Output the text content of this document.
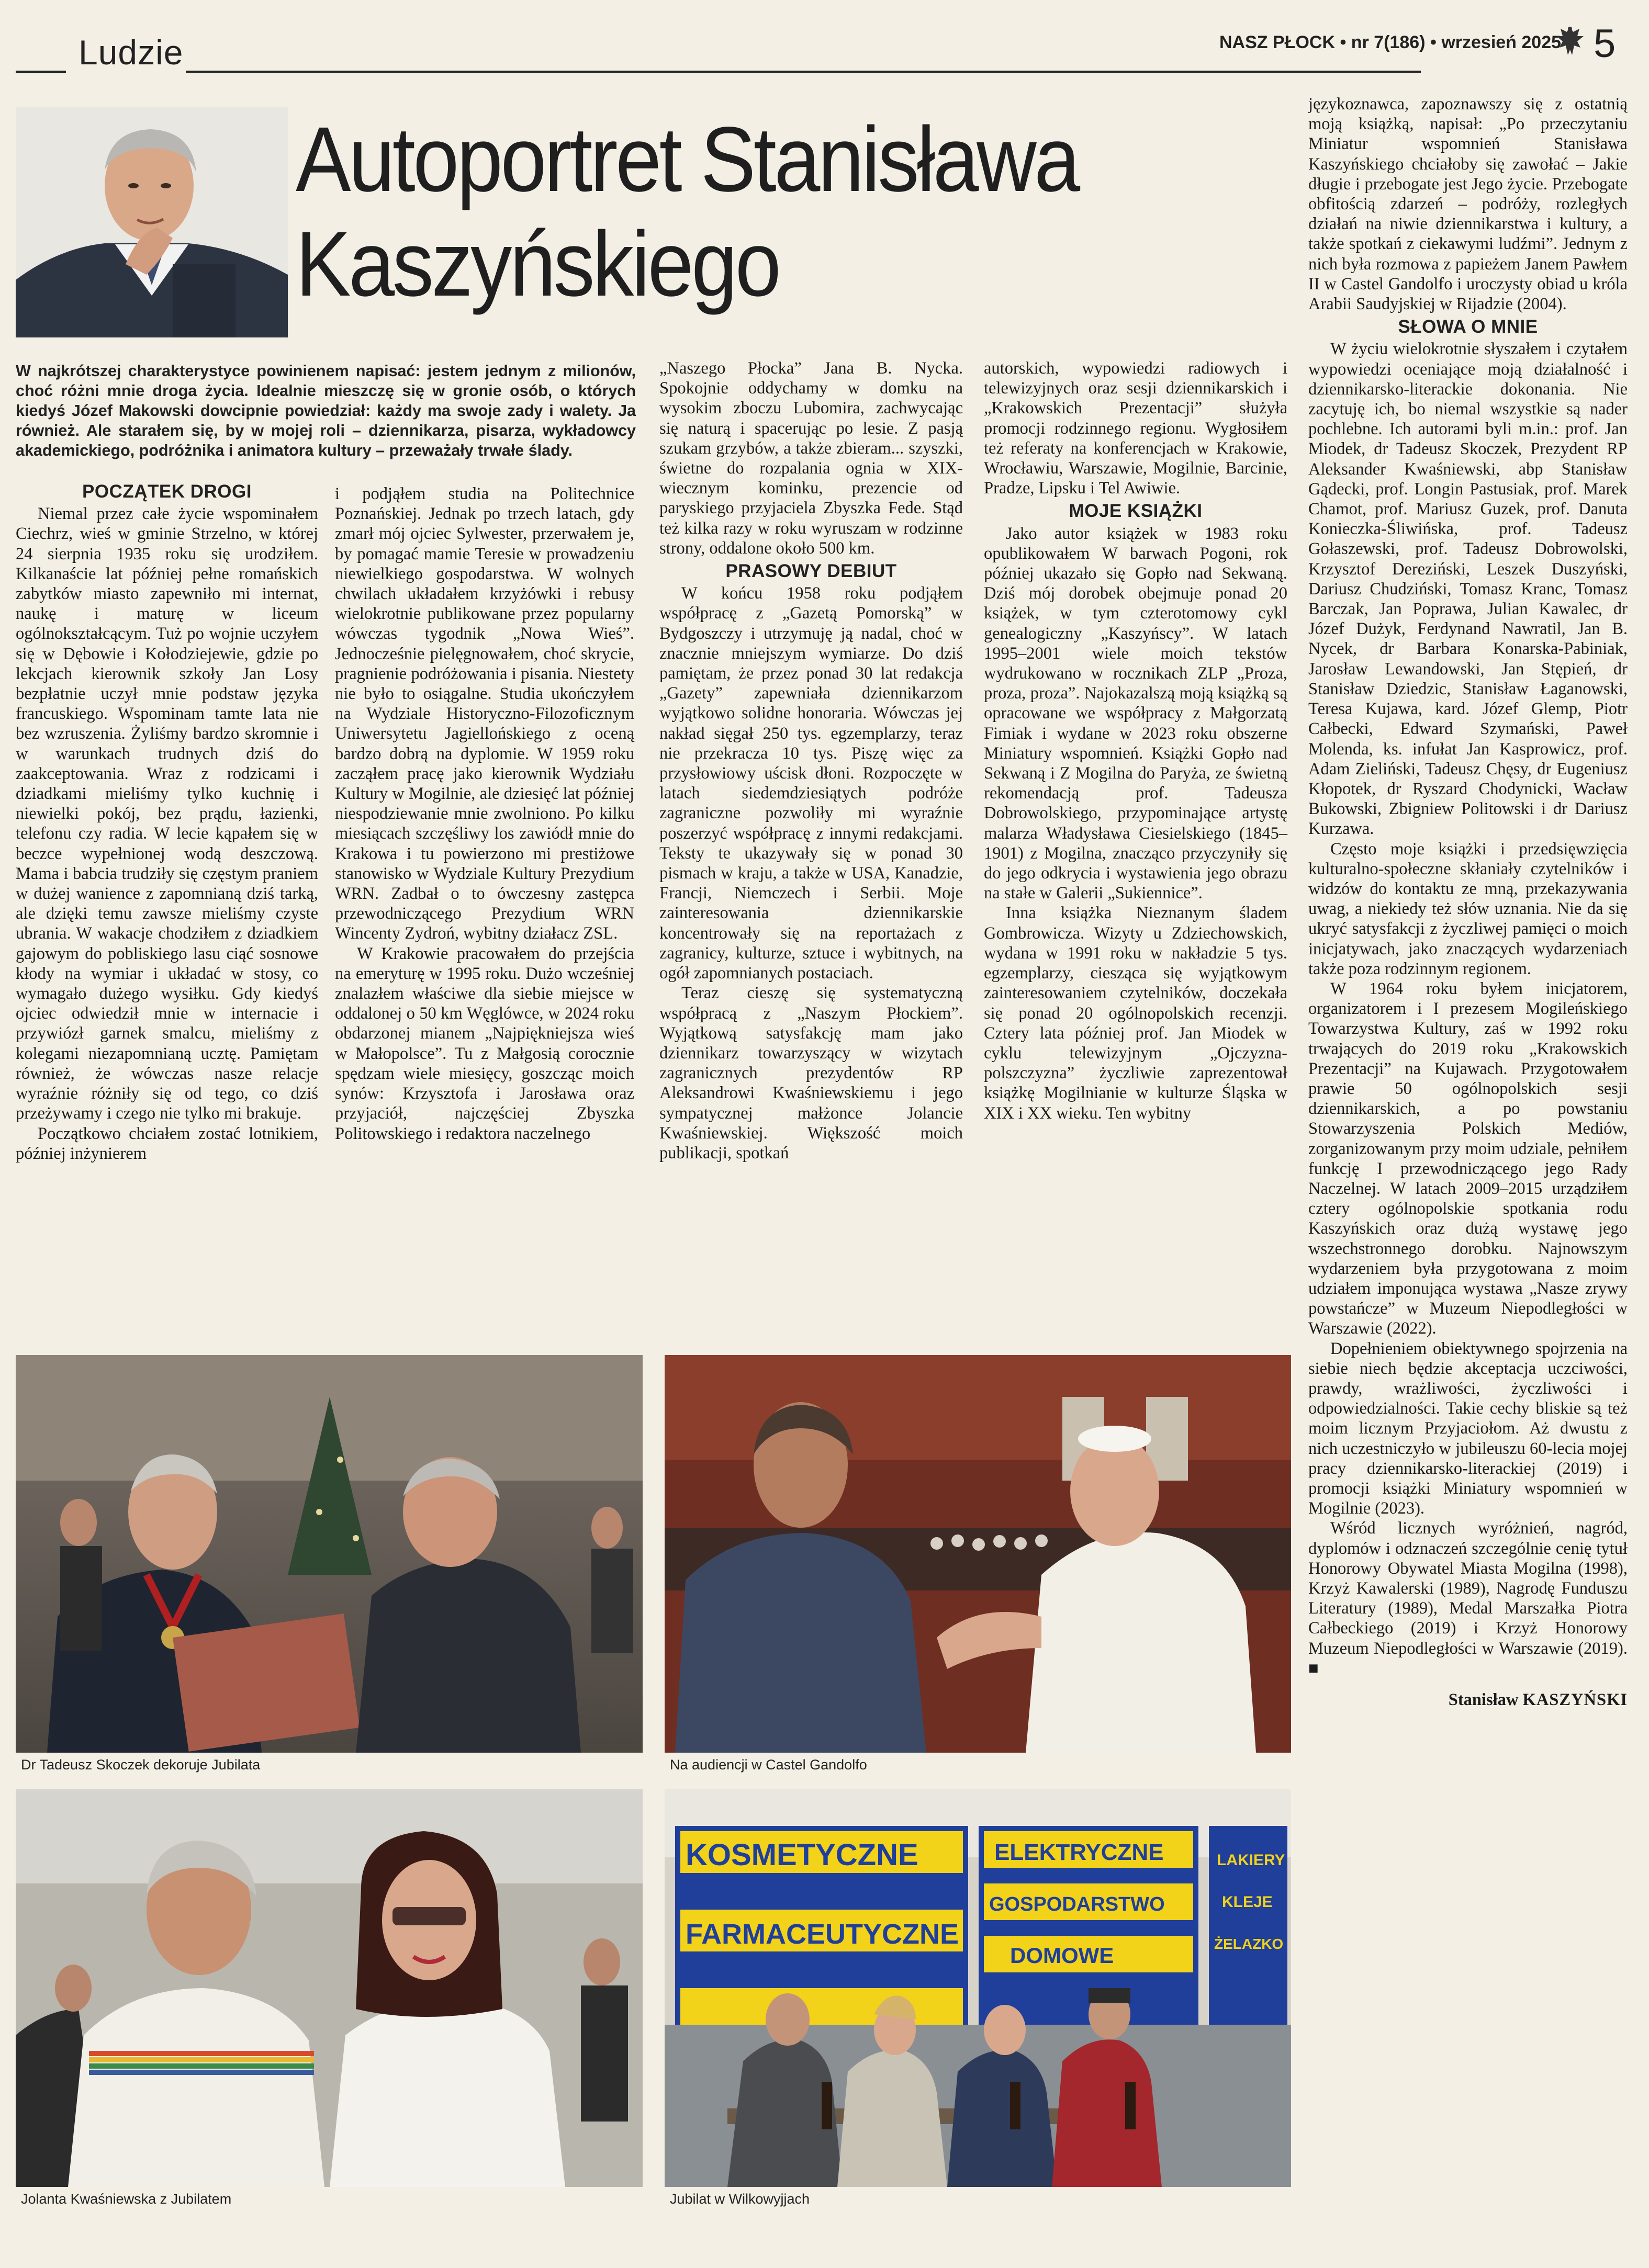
Ludzie	NASZ PŁOCK • nr 7(186) • wrzesień 2025 5
Autoportret Stanisława
Kaszyńskiego
W najkrótszej charakterystyce powinienem napisać: jestem jednym z milionów, choć różni mnie droga życia. Idealnie mieszczę się w gronie osób, o których kiedyś Józef Makowski dowcipnie powiedział: każdy ma swoje zady i walety. Ja również. Ale starałem się, by w mojej roli – dziennikarza, pisarza, wykładowcy akademickiego, podróżnika i animatora kultury – przeważały trwałe ślady.
POCZĄTEK DROGI

Niemal przez całe życie wspominałem Ciechrz, wieś w gminie Strzelno, w której 24 sierpnia 1935 roku się urodziłem. Kilkanaście lat później pełne romańskich zabytków miasto zapewniło mi internat, naukę i maturę w liceum ogólnokształcącym. Tuż po wojnie uczyłem się w Dębowie i Kołodziejewie, gdzie po lekcjach kierownik szkoły Jan Losy bezpłatnie uczył mnie podstaw języka francuskiego. Wspominam tamte lata nie bez wzruszenia. Żyliśmy bardzo skromnie i w warunkach trudnych dziś do zaakceptowania. Wraz z rodzicami i dziadkami mieliśmy tylko kuchnię i niewielki pokój, bez prądu, łazienki, telefonu czy radia. W lecie kąpałem się w beczce wypełnionej wodą deszczową. Mama i babcia trudziły się częstym praniem w dużej wanience z zapomnianą dziś tarką, ale dzięki temu zawsze mieliśmy czyste ubrania. W wakacje chodziłem z dziadkiem gajowym do pobliskiego lasu ciąć sosnowe kłody na wymiar i układać w stosy, co wymagało dużego wysiłku. Gdy kiedyś ojciec odwiedził mnie w internacie i przywiózł garnek smalcu, mieliśmy z kolegami niezapomnianą ucztę. Pamiętam również, że wówczas nasze relacje wyraźnie różniły się od tego, co dziś przeżywamy i czego nie tylko mi brakuje.

Początkowo chciałem zostać lotnikiem, później inżynierem

i podjąłem studia na Politechnice Poznańskiej. Jednak po trzech latach, gdy zmarł mój ojciec Sylwester, przerwałem je, by pomagać mamie Teresie w prowadzeniu niewielkiego gospodarstwa. W wolnych chwilach układałem krzyżówki i rebusy wielokrotnie publikowane przez popularny wówczas tygodnik „Nowa Wieś”. Jednocześnie pielęgnowałem, choć skrycie, pragnienie podróżowania i pisania. Niestety nie było to osiągalne. Studia ukończyłem na Wydziale Historyczno-Filozoficznym Uniwersytetu Jagiellońskiego z oceną bardzo dobrą na dyplomie. W 1959 roku zacząłem pracę jako kierownik Wydziału Kultury w Mogilnie, ale dziesięć lat później niespodziewanie mnie zwolniono. Po kilku miesiącach szczęśliwy los zawiódł mnie do Krakowa i tu powierzono mi prestiżowe stanowisko w Wydziale Kultury Prezydium WRN. Zadbał o to ówczesny zastępca przewodniczącego Prezydium WRN Wincenty Zydroń, wybitny działacz ZSL.

W Krakowie pracowałem do przejścia na emeryturę w 1995 roku. Dużo wcześniej znalazłem właściwe dla siebie miejsce w oddalonej o 50 km Węglówce, w 2024 roku obdarzonej mianem „Najpiękniejsza wieś w Małopolsce”. Tu z Małgosią corocznie spędzam wiele miesięcy, goszcząc moich synów: Krzysztofa i Jarosława oraz przyjaciół, najczęściej Zbyszka Politowskiego i redaktora naczelnego

„Naszego Płocka” Jana B. Nycka. Spokojnie oddychamy w domku na wysokim zboczu Lubomira, zachwycając się naturą i spacerując po lesie. Z pasją szukam grzybów, a także zbieram... szyszki, świetne do rozpalania ognia w XIX-wiecznym kominku, prezencie od paryskiego przyjaciela Zbyszka Fede. Stąd też kilka razy w roku wyruszam w rodzinne strony, oddalone około 500 km.

PRASOWY DEBIUT

W końcu 1958 roku podjąłem współpracę z „Gazetą Pomorską” w Bydgoszczy i utrzymuję ją nadal, choć w znacznie mniejszym wymiarze. Do dziś pamiętam, że przez ponad 30 lat redakcja „Gazety” zapewniała dziennikarzom wyjątkowo solidne honoraria. Wówczas jej nakład sięgał 250 tys. egzemplarzy, teraz nie przekracza 10 tys. Piszę więc za przysłowiowy uścisk dłoni. Rozpoczęte w latach siedemdziesiątych podróże zagraniczne pozwoliły mi wyraźnie poszerzyć współpracę z innymi redakcjami. Teksty te ukazywały się w ponad 30 pismach w kraju, a także w USA, Kanadzie, Francji, Niemczech i Serbii. Moje zainteresowania dziennikarskie koncentrowały się na reportażach z zagranicy, kulturze, sztuce i wybitnych, na ogół zapomnianych postaciach.

Teraz cieszę się systematyczną współpracą z „Naszym Płockiem”. Wyjątkową satysfakcję mam jako dziennikarz towarzyszący w wizytach zagranicznych prezydentów RP Aleksandrowi Kwaśniewskiemu i jego sympatycznej małżonce Jolancie Kwaśniewskiej. Większość moich publikacji, spotkań

autorskich, wypowiedzi radiowych i telewizyjnych oraz sesji dziennikarskich i „Krakowskich Prezentacji” służyła promocji rodzinnego regionu. Wygłosiłem też referaty na konferencjach w Krakowie, Wrocławiu, Warszawie, Mogilnie, Barcinie, Pradze, Lipsku i Tel Awiwie.

MOJE KSIĄŻKI

Jako autor książek w 1983 roku opublikowałem W barwach Pogoni, rok później ukazało się Gopło nad Sekwaną. Dziś mój dorobek obejmuje ponad 20 książek, w tym czterotomowy cykl genealogiczny „Kaszyńscy”. W latach 1995–2001 wiele moich tekstów wydrukowano w rocznikach ZLP „Proza, proza, proza”. Najokazalszą moją książką są opracowane we współpracy z Małgorzatą Fimiak i wydane w 2023 roku obszerne Miniatury wspomnień. Książki Gopło nad Sekwaną i Z Mogilna do Paryża, ze świetną rekomendacją prof. Tadeusza Dobrowolskiego, przypominające artystę malarza Władysława Ciesielskiego (1845–1901) z Mogilna, znacząco przyczyniły się do jego odkrycia i wystawienia jego obrazu na stałe w Galerii „Sukiennice”.

Inna książka Nieznanym śladem Gombrowicza. Wizyty u Zdziechowskich, wydana w 1991 roku w nakładzie 5 tys. egzemplarzy, ciesząca się wyjątkowym zainteresowaniem czytelników, doczekała się ponad 20 ogólnopolskich recenzji. Cztery lata później prof. Jan Miodek w cyklu telewizyjnym „Ojczyzna-polszczyzna” życzliwie zaprezentował książkę Mogilnianie w kulturze Śląska w XIX i XX wieku. Ten wybitny

językoznawca, zapoznawszy się z ostatnią moją książką, napisał: „Po przeczytaniu Miniatur wspomnień Stanisława Kaszyńskiego chciałoby się zawołać – Jakie długie i przebogate jest Jego życie. Przebogate obfitością zdarzeń – podróży, rozległych działań na niwie dziennikarstwa i kultury, a także spotkań z ciekawymi ludźmi”. Jednym z nich była rozmowa z papieżem Janem Pawłem II w Castel Gandolfo i uroczysty obiad u króla Arabii Saudyjskiej w Rijadzie (2004).

SŁOWA O MNIE

W życiu wielokrotnie słyszałem i czytałem wypowiedzi oceniające moją działalność i dziennikarsko-literackie dokonania. Nie zacytuję ich, bo niemal wszystkie są nader pochlebne. Ich autorami byli m.in.: prof. Jan Miodek, dr Tadeusz Skoczek, Prezydent RP Aleksander Kwaśniewski, abp Stanisław Gądecki, prof. Longin Pastusiak, prof. Marek Chamot, prof. Mariusz Guzek, prof. Danuta Konieczka-Śliwińska, prof. Tadeusz Gołaszewski, prof. Tadeusz Dobrowolski, Krzysztof Dereziński, Leszek Duszyński, Dariusz Chudziński, Tomasz Kranc, Tomasz Barczak, Jan Poprawa, Julian Kawalec, dr Józef Dużyk, Ferdynand Nawratil, Jan B. Nycek, dr Barbara Konarska-Pabiniak, Jarosław Lewandowski, Jan Stępień, dr Stanisław Dziedzic, Stanisław Łaganowski, Teresa Kujawa, kard. Józef Glemp, Piotr Całbecki, Edward Szymański, Paweł Molenda, ks. infułat Jan Kasprowicz, prof. Adam Zieliński, Tadeusz Chęsy, dr Eugeniusz Kłopotek, dr Ryszard Chodynicki, Wacław Bukowski, Zbigniew Politowski i dr Dariusz Kurzawa.

Często moje książki i przedsięwzięcia kulturalno-społeczne skłaniały czytelników i widzów do kontaktu ze mną, przekazywania uwag, a niekiedy też słów uznania. Nie da się ukryć satysfakcji z życzliwej pamięci o moich inicjatywach, jako znaczących wydarzeniach także poza rodzinnym regionem.

W 1964 roku byłem inicjatorem, organizatorem i I prezesem Mogileńskiego Towarzystwa Kultury, zaś w 1992 roku trwających do 2019 roku „Krakowskich Prezentacji” na Kujawach. Przygotowałem prawie 50 ogólnopolskich sesji dziennikarskich, a po powstaniu Stowarzyszenia Polskich Mediów, zorganizowanym przy moim udziale, pełniłem funkcję I przewodniczącego jego Rady Naczelnej. W latach 2009–2015 urządziłem cztery ogólnopolskie spotkania rodu Kaszyńskich oraz dużą wystawę jego wszechstronnego dorobku. Najnowszym wydarzeniem była przygotowana z moim udziałem imponująca wystawa „Nasze zrywy powstańcze” w Muzeum Niepodległości w Warszawie (2022).

Dopełnieniem obiektywnego spojrzenia na siebie niech będzie akceptacja uczciwości, prawdy, wrażliwości, życzliwości i odpowiedzialności. Takie cechy bliskie są też moim licznym Przyjaciołom. Aż dwustu z nich uczestniczyło w jubileuszu 60-lecia mojej pracy dziennikarsko-literackiej (2019) i promocji książki Miniatury wspomnień w Mogilnie (2023).

Wśród licznych wyróżnień, nagród, dyplomów i odznaczeń szczególnie cenię tytuł Honorowy Obywatel Miasta Mogilna (1998), Krzyż Kawalerski (1989), Nagrodę Funduszu Literatury (1989), Medal Marszałka Piotra Całbeckiego (2019) i Krzyż Honorowy Muzeum Niepodległości w Warszawie (2019). ■

Stanisław KASZYŃSKI
Dr Tadeusz Skoczek dekoruje Jubilata	Na audiencji w Castel Gandolfo
Jolanta Kwaśniewska z Jubilatem
KOSMETYCZNE
FARMACEUTYCZNE
ELEKTRYCZNE
GOSPODARSTWO
DOMOWE
LAKIERY
KLEJE
ŻELAZKO
Jubilat w Wilkowyjjach
